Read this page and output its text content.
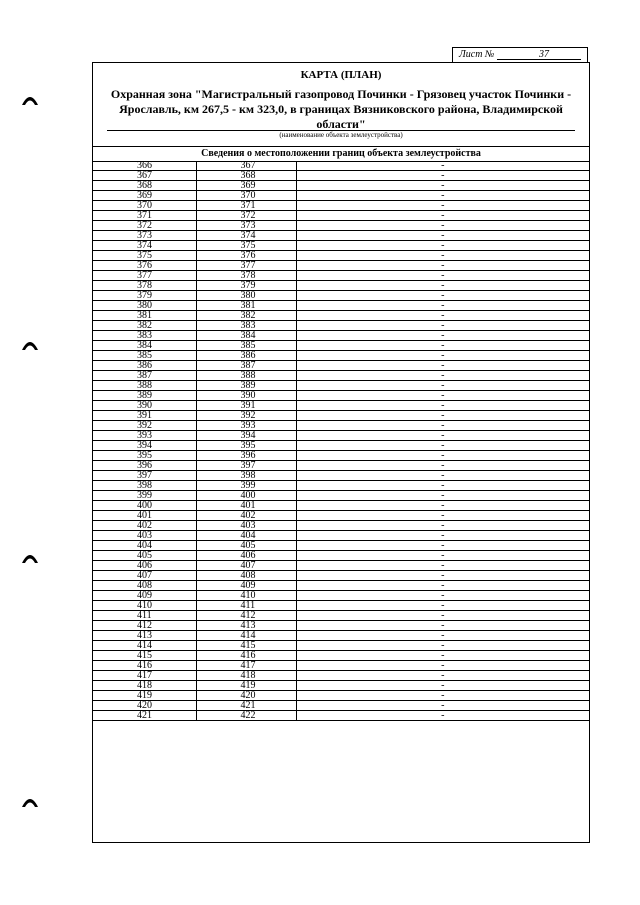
Лист №	37
КАРТА (ПЛАН)
Охранная зона "Магистральный газопровод Починки - Грязовец участок Починки - Ярославль, км 267,5 - км 323,0, в границах Вязниковского района, Владимирской области"
(наименование объекта землеустройства)
Сведения о местоположении границ объекта землеустройства
366	367	-
367	368	-
368	369	-
369	370	-
370	371	-
371	372	-
372	373	-
373	374	-
374	375	-
375	376	-
376	377	-
377	378	-
378	379	-
379	380	-
380	381	-
381	382	-
382	383	-
383	384	-
384	385	-
385	386	-
386	387	-
387	388	-
388	389	-
389	390	-
390	391	-
391	392	-
392	393	-
393	394	-
394	395	-
395	396	-
396	397	-
397	398	-
398	399	-
399	400	-
400	401	-
401	402	-
402	403	-
403	404	-
404	405	-
405	406	-
406	407	-
407	408	-
408	409	-
409	410	-
410	411	-
411	412	-
412	413	-
413	414	-
414	415	-
415	416	-
416	417	-
417	418	-
418	419	-
419	420	-
420	421	-
421	422	-
